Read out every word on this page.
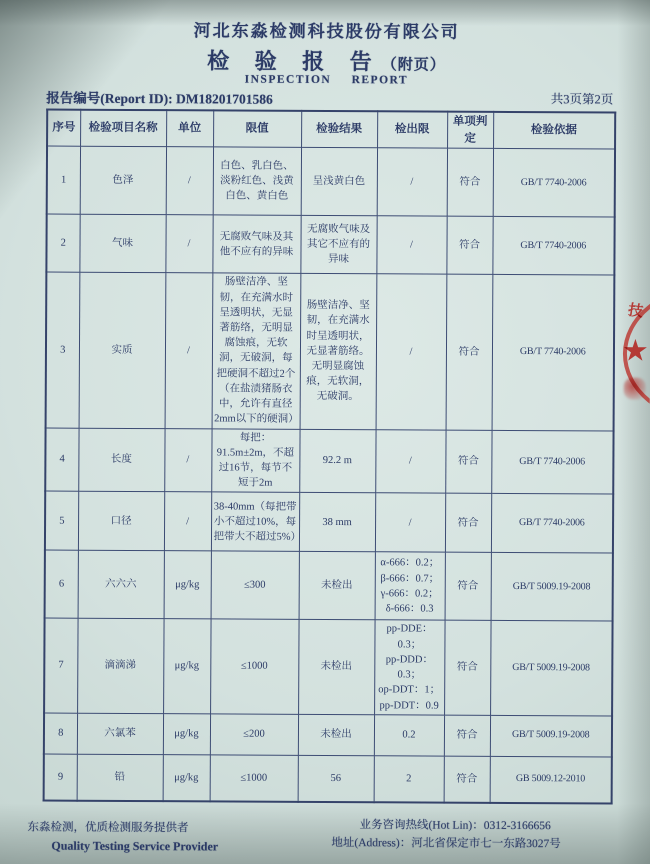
河北东淼检测科技股份有限公司
检 验 报 告（附页）
INSPECTION REPORT
报告编号(Report ID): DM18201701586	共3页第2页
序号	检验项目名称	单位	限值	检验结果	检出限	单项判定	检验依据
1	色泽	/	白色、乳白色、淡粉红色、浅黄白色、黄白色	呈浅黄白色	/	符合	GB/T 7740-2006
2	气味	/	无腐败气味及其他不应有的异味	无腐败气味及其它不应有的异味	/	符合	GB/T 7740-2006
3	实质	/	肠壁洁净、坚韧，在充满水时呈透明状，无显著筋络，无明显腐蚀痕，无软洞，无破洞，每把硬洞不超过2个（在盐渍猪肠衣中，允许有直径2mm以下的硬洞）	肠壁洁净、坚韧，在充满水时呈透明状，无显著筋络。无明显腐蚀痕，无软洞，无破洞。	/	符合	GB/T 7740-2006
4	长度	/	每把：91.5m±2m，不超过16节，每节不短于2m	92.2 m	/	符合	GB/T 7740-2006
5	口径	/	38-40mm（每把带小不超过10%，每把带大不超过5%）	38 mm	/	符合	GB/T 7740-2006
6	六六六	μg/kg	≤300	未检出	α-666：0.2；
β-666：0.7；
γ-666：0.2；
δ-666：0.3	符合	GB/T 5009.19-2008
7	滴滴涕	μg/kg	≤1000	未检出	pp-DDE：0.3；
pp-DDD：0.3；
op-DDT：1；
pp-DDT：0.9	符合	GB/T 5009.19-2008
8	六氯苯	μg/kg	≤200	未检出	0.2	符合	GB/T 5009.19-2008
9	铅	μg/kg	≤1000	56	2	符合	GB 5009.12-2010
东淼检测，优质检测服务提供者
Quality Testing Service Provider
业务咨询热线(Hot Lin)：0312-3166656
地址(Address)：河北省保定市七一东路3027号
技
★
